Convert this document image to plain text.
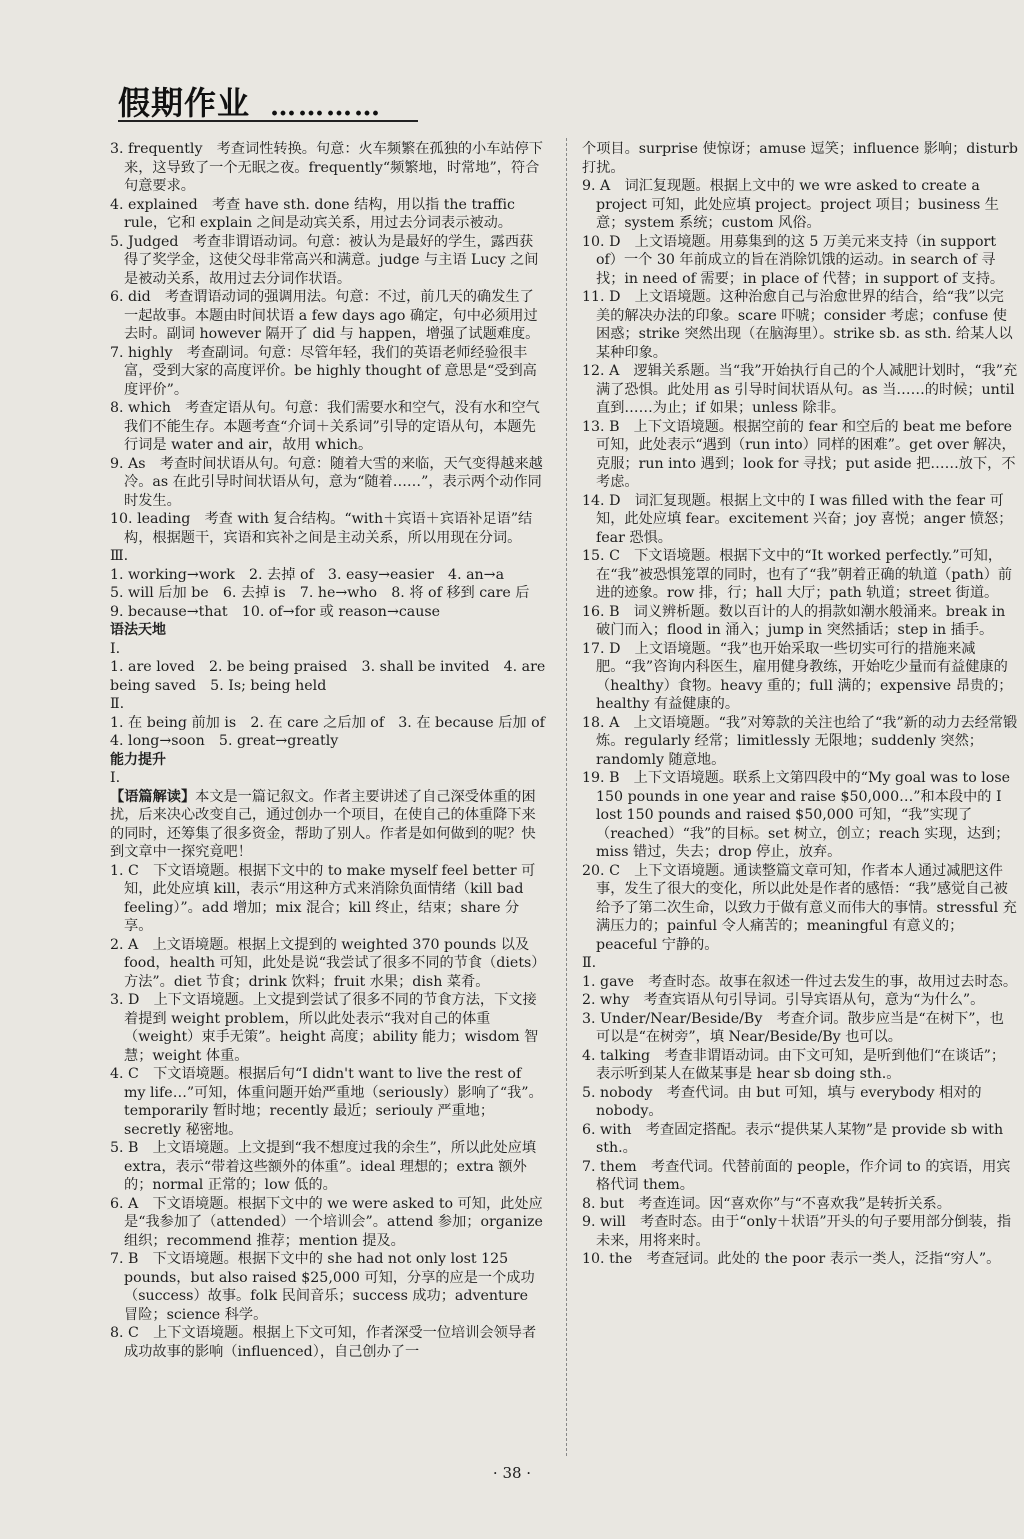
假期作业 …………

3. frequently　考查词性转换。句意：火车频繁在孤独的小车站停下来，这导致了一个无眠之夜。frequently“频繁地，时常地”，符合句意要求。

4. explained　考查 have sth. done 结构，用以指 the traffic rule，它和 explain 之间是动宾关系，用过去分词表示被动。

5. Judged　考查非谓语动词。句意：被认为是最好的学生，露西获得了奖学金，这使父母非常高兴和满意。judge 与主语 Lucy 之间是被动关系，故用过去分词作状语。

6. did　考查谓语动词的强调用法。句意：不过，前几天的确发生了一起故事。本题由时间状语 a few days ago 确定，句中必须用过去时。副词 however 隔开了 did 与 happen，增强了试题难度。

7. highly　考查副词。句意：尽管年轻，我们的英语老师经验很丰富，受到大家的高度评价。be highly thought of 意思是“受到高度评价”。

8. which　考查定语从句。句意：我们需要水和空气，没有水和空气我们不能生存。本题考查“介词＋关系词”引导的定语从句，本题先行词是 water and air，故用 which。

9. As　考查时间状语从句。句意：随着大雪的来临，天气变得越来越冷。as 在此引导时间状语从句，意为“随着……”，表示两个动作同时发生。

10. leading　考查 with 复合结构。“with＋宾语＋宾语补足语”结构，根据题干，宾语和宾补之间是主动关系，所以用现在分词。

Ⅲ.

1. working→work　2. 去掉 of　3. easy→easier　4. an→a

5. will 后加 be　6. 去掉 is　7. he→who　8. 将 of 移到 care 后　9. because→that　10. of→for 或 reason→cause

语法天地

Ⅰ.

1. are loved　2. be being praised　3. shall be invited　4. are being saved　5. Is; being held

Ⅱ.

1. 在 being 前加 is　2. 在 care 之后加 of　3. 在 because 后加 of　4. long→soon　5. great→greatly

能力提升

Ⅰ.

【语篇解读】本文是一篇记叙文。作者主要讲述了自己深受体重的困扰，后来决心改变自己，通过创办一个项目，在使自己的体重降下来的同时，还筹集了很多资金，帮助了别人。作者是如何做到的呢？快到文章中一探究竟吧！

1. C　下文语境题。根据下文中的 to make myself feel better 可知，此处应填 kill，表示“用这种方式来消除负面情绪（kill bad feeling）”。add 增加；mix 混合；kill 终止，结束；share 分享。

2. A　上文语境题。根据上文提到的 weighted 370 pounds 以及 food，health 可知，此处是说“我尝试了很多不同的节食（diets）方法”。diet 节食；drink 饮料；fruit 水果；dish 菜肴。

3. D　上下文语境题。上文提到尝试了很多不同的节食方法，下文接着提到 weight problem，所以此处表示“我对自己的体重（weight）束手无策”。height 高度；ability 能力；wisdom 智慧；weight 体重。

4. C　下文语境题。根据后句“I didn't want to live the rest of my life…”可知，体重问题开始严重地（seriously）影响了“我”。temporarily 暂时地；recently 最近；seriouly 严重地；secretly 秘密地。

5. B　上文语境题。上文提到“我不想度过我的余生”，所以此处应填 extra，表示“带着这些额外的体重”。ideal 理想的；extra 额外的；normal 正常的；low 低的。

6. A　下文语境题。根据下文中的 we were asked to 可知，此处应是“我参加了（attended）一个培训会”。attend 参加；organize 组织；recommend 推荐；mention 提及。

7. B　下文语境题。根据下文中的 she had not only lost 125 pounds，but also raised $25,000 可知，分享的应是一个成功（success）故事。folk 民间音乐；success 成功；adventure 冒险；science 科学。

8. C　上下文语境题。根据上下文可知，作者深受一位培训会领导者成功故事的影响（influenced），自己创办了一

个项目。surprise 使惊讶；amuse 逗笑；influence 影响；disturb 打扰。

9. A　词汇复现题。根据上文中的 we wre asked to create a project 可知，此处应填 project。project 项目；business 生意；system 系统；custom 风俗。

10. D　上文语境题。用募集到的这 5 万美元来支持（in support of）一个 30 年前成立的旨在消除饥饿的运动。in search of 寻找；in need of 需要；in place of 代替；in support of 支持。

11. D　上文语境题。这种治愈自己与治愈世界的结合，给“我”以完美的解决办法的印象。scare 吓唬；consider 考虑；confuse 使困惑；strike 突然出现（在脑海里）。strike sb. as sth. 给某人以某种印象。

12. A　逻辑关系题。当“我”开始执行自己的个人减肥计划时，“我”充满了恐惧。此处用 as 引导时间状语从句。as 当……的时候；until 直到……为止；if 如果；unless 除非。

13. B　上下文语境题。根据空前的 fear 和空后的 beat me before 可知，此处表示“遇到（run into）同样的困难”。get over 解决，克服；run into 遇到；look for 寻找；put aside 把……放下，不考虑。

14. D　词汇复现题。根据上文中的 I was filled with the fear 可知，此处应填 fear。excitement 兴奋；joy 喜悦；anger 愤怒；fear 恐惧。

15. C　下文语境题。根据下文中的“It worked perfectly.”可知，在“我”被恐惧笼罩的同时，也有了“我”朝着正确的轨道（path）前进的迹象。row 排，行；hall 大厅；path 轨道；street 街道。

16. B　词义辨析题。数以百计的人的捐款如潮水般涌来。break in 破门而入；flood in 涌入；jump in 突然插话；step in 插手。

17. D　上文语境题。“我”也开始采取一些切实可行的措施来减肥。“我”咨询内科医生，雇用健身教练，开始吃少量而有益健康的（healthy）食物。heavy 重的；full 满的；expensive 昂贵的；healthy 有益健康的。

18. A　上文语境题。“我”对筹款的关注也给了“我”新的动力去经常锻炼。regularly 经常；limitlessly 无限地；suddenly 突然；randomly 随意地。

19. B　上下文语境题。联系上文第四段中的“My goal was to lose 150 pounds in one year and raise $50,000…”和本段中的 I lost 150 pounds and raised $50,000 可知，“我”实现了（reached）“我”的目标。set 树立，创立；reach 实现，达到；miss 错过，失去；drop 停止，放弃。

20. C　上下文语境题。通读整篇文章可知，作者本人通过减肥这件事，发生了很大的变化，所以此处是作者的感悟：“我”感觉自己被给予了第二次生命，以致力于做有意义而伟大的事情。stressful 充满压力的；painful 令人痛苦的；meaningful 有意义的；peaceful 宁静的。

Ⅱ.

1. gave　考查时态。故事在叙述一件过去发生的事，故用过去时态。

2. why　考查宾语从句引导词。引导宾语从句，意为“为什么”。

3. Under/Near/Beside/By　考查介词。散步应当是“在树下”，也可以是“在树旁”，填 Near/Beside/By 也可以。

4. talking　考查非谓语动词。由下文可知，是听到他们“在谈话”；表示听到某人在做某事是 hear sb doing sth.。

5. nobody　考查代词。由 but 可知，填与 everybody 相对的 nobody。

6. with　考查固定搭配。表示“提供某人某物”是 provide sb with sth.。

7. them　考查代词。代替前面的 people，作介词 to 的宾语，用宾格代词 them。

8. but　考查连词。因“喜欢你”与“不喜欢我”是转折关系。

9. will　考查时态。由于“only＋状语”开头的句子要用部分倒装，指未来，用将来时。

10. the　考查冠词。此处的 the poor 表示一类人，泛指“穷人”。

· 38 ·
